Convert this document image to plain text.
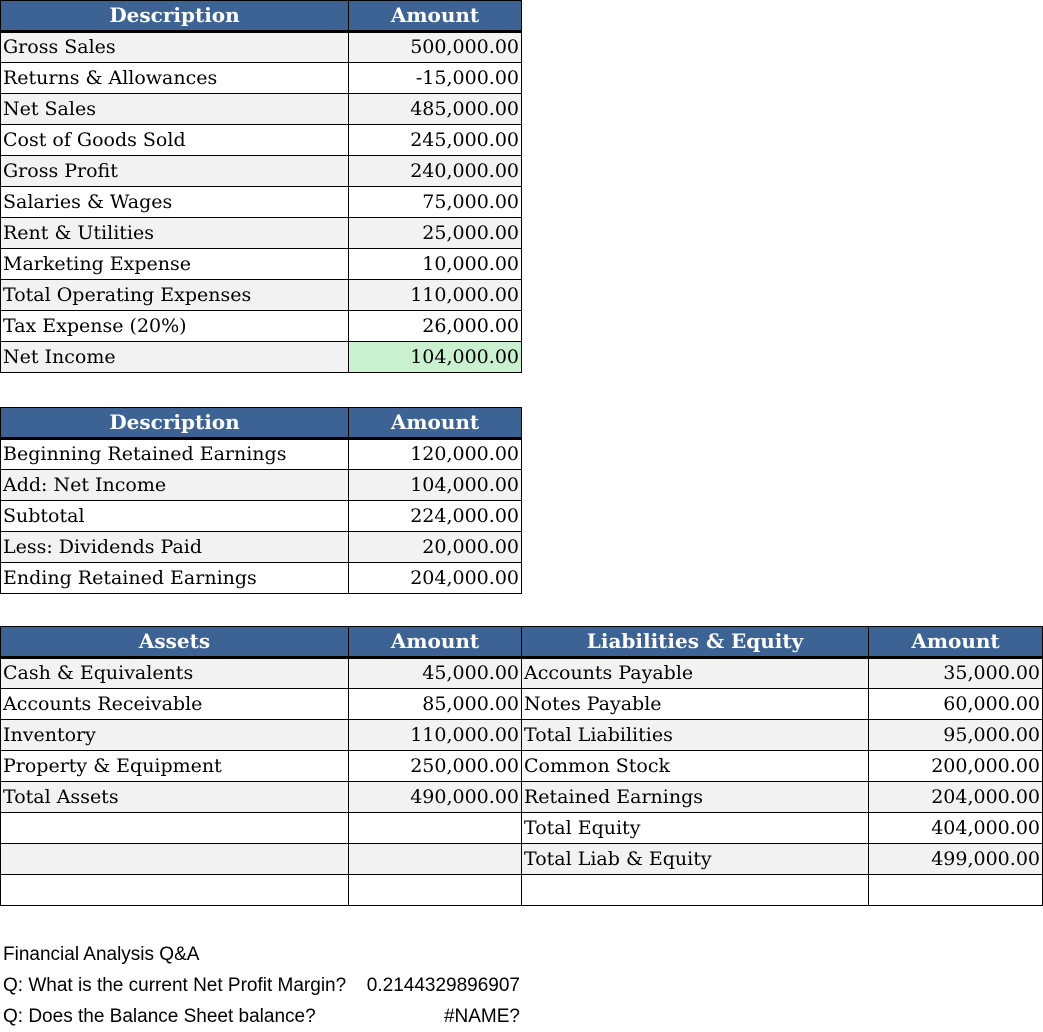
Description	Amount
Gross Sales	500,000.00
Returns & Allowances	-15,000.00
Net Sales	485,000.00
Cost of Goods Sold	245,000.00
Gross Profit	240,000.00
Salaries & Wages	75,000.00
Rent & Utilities	25,000.00
Marketing Expense	10,000.00
Total Operating Expenses	110,000.00
Tax Expense (20%)	26,000.00
Net Income	104,000.00
Description	Amount
Beginning Retained Earnings	120,000.00
Add: Net Income	104,000.00
Subtotal	224,000.00
Less: Dividends Paid	20,000.00
Ending Retained Earnings	204,000.00
Assets	Amount	Liabilities & Equity	Amount
Cash & Equivalents	45,000.00	Accounts Payable	35,000.00
Accounts Receivable	85,000.00	Notes Payable	60,000.00
Inventory	110,000.00	Total Liabilities	95,000.00
Property & Equipment	250,000.00	Common Stock	200,000.00
Total Assets	490,000.00	Retained Earnings	204,000.00
		Total Equity	404,000.00
		Total Liab & Equity	499,000.00

Financial Analysis Q&A
Q: What is the current Net Profit Margin?	0.2144329896907
Q: Does the Balance Sheet balance?	#NAME?
